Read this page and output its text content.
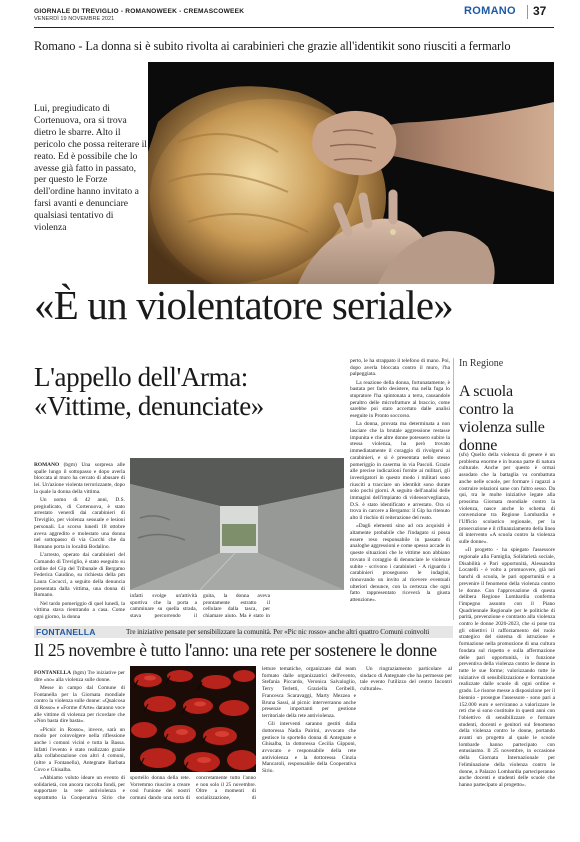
GIORNALE DI TREVIGLIO - ROMANOWEEK - CREMASCOWEEK
VENERDÌ 19 NOVEMBRE 2021
ROMANO 37
Romano - La donna si è subito rivolta ai carabinieri che grazie all'identikit sono riusciti a fermarlo
Lui, pregiudicato di Cortenuova, ora si trova dietro le sbarre. Alto il pericolo che possa reiterare il reato. Ed è possibile che lo avesse già fatto in passato, per questo le Forze dell'ordine hanno invitato a farsi avanti e denunciare qualsiasi tentativo di violenza
«È un violentatore seriale»
L'appello dell'Arma:
«Vittime, denunciate»

ROMANO (bgm) Una sorpresa alle spalle lungo il sottopasso e dopo averla bloccata al muro ha cercato di abusare di lei. Un'azione violenta terrorizzante, dopo la quale la donna della vittima.

Un uomo di 42 anni, D.S. pregiudicato, di Cortenuova, è stato arrestato venerdì dai carabinieri di Treviglio, per violenza sessuale e lesioni personali. Lo scorso lunedì 18 ottobre aveva aggredito e molestato una donna nel sottopasso di via Cucchi che da Romano porta in località Bodalino.

L'arresto, operato dai carabinieri del Comando di Treviglio, è stato eseguito su ordine del Gip del Tribunale di Bergamo Federica Gaudino, su richiesta della pm Laura Cocucci, a seguito della denuncia presentata dalla vittima, una donna di Romano.

Nel tardo pomeriggio di quel lunedì, la vittima stava rientrando a casa. Come ogni giorno, la donna

infatti svolge un'attività sportiva che la porta a camminare su quella strada, stava percorrendo il
guita, la donna aveva prontamente estratto il cellulare dalla tasca, per chiamare aiuto. Ma è stato in

perto, le ha strappato il telefono di mano. Poi, dopo averla bloccata contro il muro, l'ha palpeggiata.

La reazione della donna, fortunatamente, è bastata per farlo desistere, ma nella fuga lo stupratore l'ha spintonata a terra, causandole peraltro delle microfratture al braccio, come sarebbe poi stato accertato dalle analisi eseguite in Pronto soccorso.

La donna, provata ma determinata a non lasciare che la brutale aggressione restasse impunita e che altre donne potessero subire la stessa violenza, ha però trovato immediatamente il coraggio di rivolgersi ai carabinieri, e si è presentata nello stesso pomeriggio in caserma in via Pascoli. Grazie alle precise indicazioni fornite ai militari, gli investigatori in questo modo i militari sono riusciti a tracciare un identikit sono durate solo pochi giorni. A seguito dell'analisi delle immagini dell'impianto di videosorveglianza, D.S. è stato identificato e arrestato. Ora si trova in carcere a Bergamo: il Gip ha ritenuto alto il rischio di reiterazione del reato.

«Dagli elementi sino ad ora acquisiti è altamente probabile che l'indagato si possa essere reso responsabile in passato di analoghe aggressioni e come spesso accade in queste situazioni che le vittime non abbiano trovato il coraggio di denunciare le violenze subite - scrivono i carabinieri - A riguardo i carabinieri proseguono le indagini, rinnovando un invito al ricevere eventuali ulteriori denunce, con la certezza che ogni fatto rappresentato riceverà la giusta attenzione».

In Regione
A scuola contro la violenza sulle donne

(sfs) Quello della violenza di genere è un problema enorme e in buona parte di natura culturale. Anche per questo è ormai assodato che la battaglia va combattuta anche nelle scuole, per formare i ragazzi a costruire relazioni sane con l'altro sesso. Da qui, tra le molte iniziative legate alla prossima Giornata mondiale contro la violenza, nasce anche lo schema di convenzione tra Regione Lombardia e l'Ufficio scolastico regionale, per la prosecuzione e il rifinanziamento della linea di intervento «A scuola contro la violenza sulle donne».

«Il progetto - ha spiegato l'assessore regionale alla Famiglia, Solidarietà sociale, Disabilità e Pari opportunità, Alessandra Locatelli - è volto a promuovere, già nei banchi di scuola, le pari opportunità e a prevenire il fenomeno della violenza contro le donne. Con l'approvazione di questa delibera Regione Lombardia conferma l'impegno assunto con il Piano Quadriennale Regionale per le politiche di parità, prevenzione e contrasto alla violenza contro le donne 2020-2023, che si pone tra gli obiettivi il rafforzamento del ruolo strategico del sistema di istruzione e formazione nella promozione di una cultura fondata sul rispetto e sulla affermazione delle pari opportunità, in funzione preventiva della violenza contro le donne in tutte le sue forme; valorizzando tutte le iniziative di sensibilizzazione e formazione realizzate dalle scuole di ogni ordine e grado. Le risorse messe a disposizione per il biennio - prosegue l'assessore - sono pari a 152.000 euro e serviranno a valorizzare le reti che si sono costituite in questi anni con l'obiettivo di sensibilizzare e formare studenti, docenti e genitori sul fenomeno della violenza contro le donne, portando avanti un progetto al quale le scuole lombarde hanno partecipato con entusiasmo. Il 25 novembre, in occasione della Giornata Internazionale per l'eliminazione della violenza contro le donne, a Palazzo Lombardia parteciperanno anche docenti e studenti delle scuole che hanno partecipato al progetto».

FONTANELLA	Tre iniziative pensate per sensibilizzare la comunità. Per «Pic nic rosso» anche altri quattro Comuni coinvolti
Il 25 novembre è tutto l'anno: una rete per sostenere le donne

FONTANELLA (bgm) Tre iniziative per dire «no» alla violenza sulle donne.

Messe in campo dal Comune di Fontanella per la Giornata mondiale contro la violenza sulle donne: «Qualcosa di Rosso» e «Forme d'Arte» daranno voce alle vittime di violenza per ricordare che «Non basta dire basta».

«Picnic in Rosso», invece, sarà un modo per coinvolgere nella riflessione anche i comuni vicini e tutta la Bassa. Infatti l'evento è stato realizzato grazie alla collaborazione con altri 4 comuni, (oltre a Fontanella), Antegnate Barbata Covo e Ghisalba.

«Abbiamo voluto ideare un evento di solidarietà, con ancora raccolta fondi, per supportare la rete antiviolenza e soprattutto la Cooperativa Sirio che

sportello donna della rete. Vorremmo riuscire a creare così l'unione dei nostri comuni dando una sorta di
concretamente tutto l'anno e non solo il 25 novembre. Oltre a momenti di socializzazione, di

letture tematiche, organizzate dal team formato dalle organizzatrici dell'evento, Stefania Piccardo, Veronica Salvaloglio, Terry Terletti, Graziella Ceribelli, Francesca Scaravaggi, Marty Mezzea e Bruna Sassi, al picnic interverranno anche presenze importanti per gestione territoriale della rete antiviolenza.

Gli interventi saranno gestiti dalla dottoressa Nadia Pairini, avvocato che gestisce lo sportello donna di Antegnate e Ghisalba, la dottoressa Cecilia Gipponi, avvocato e responsabile della rete antiviolenza e la dottoressa Cinzia Mancaroli, responsabile della Cooperativa Sirio.

Un ringraziamento particolare al sindaco di Antegnate che ha permesso per tale evento l'utilizzo del centro Incontri culturale».
